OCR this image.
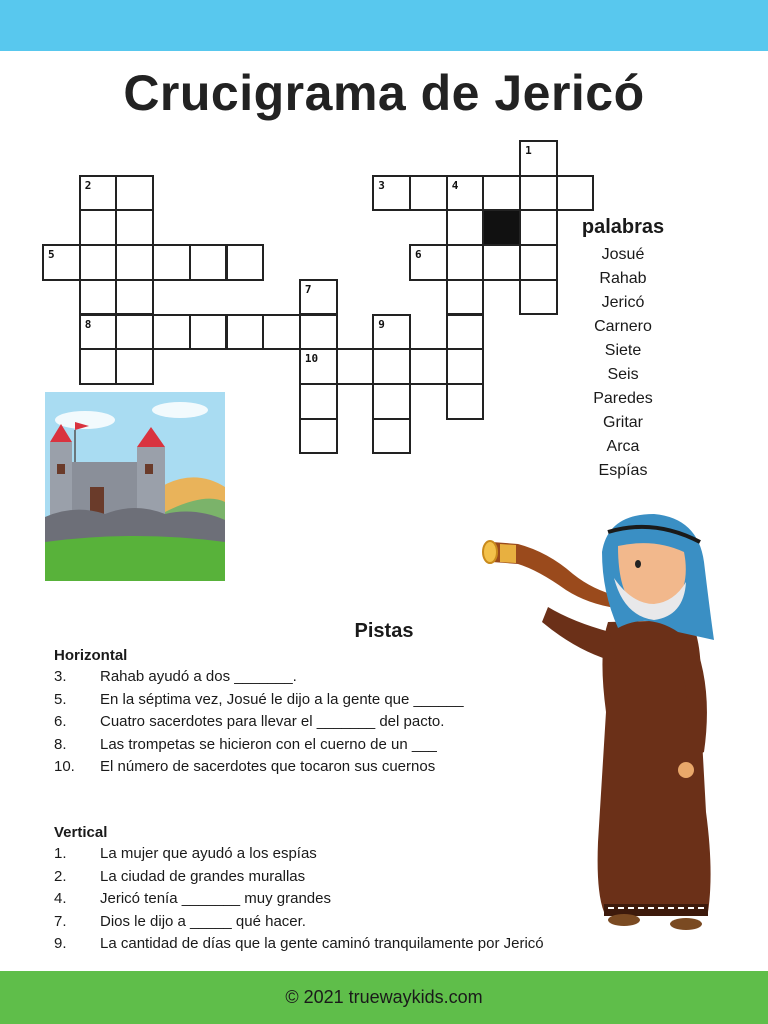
Crucigrama de Jericó
1
3	4
5	6
7
9
10
2
8
palabras
Josué
Rahab
Jericó
Carnero
Siete
Seis
Paredes
Gritar
Arca
Espías
Pistas
Horizontal
3. Rahab ayudó a dos _______.
5. En la séptima vez, Josué le dijo a la gente que ______
6. Cuatro sacerdotes para llevar el _______ del pacto.
8. Las trompetas se hicieron con el cuerno de un ___
10. El número de sacerdotes que tocaron sus cuernos
Vertical
1. La mujer que ayudó a los espías
2. La ciudad de grandes murallas
4. Jericó tenía _______ muy grandes
7. Dios le dijo a _____ qué hacer.
9. La cantidad de días que la gente caminó tranquilamente por Jericó
© 2021 truewaykids.com
